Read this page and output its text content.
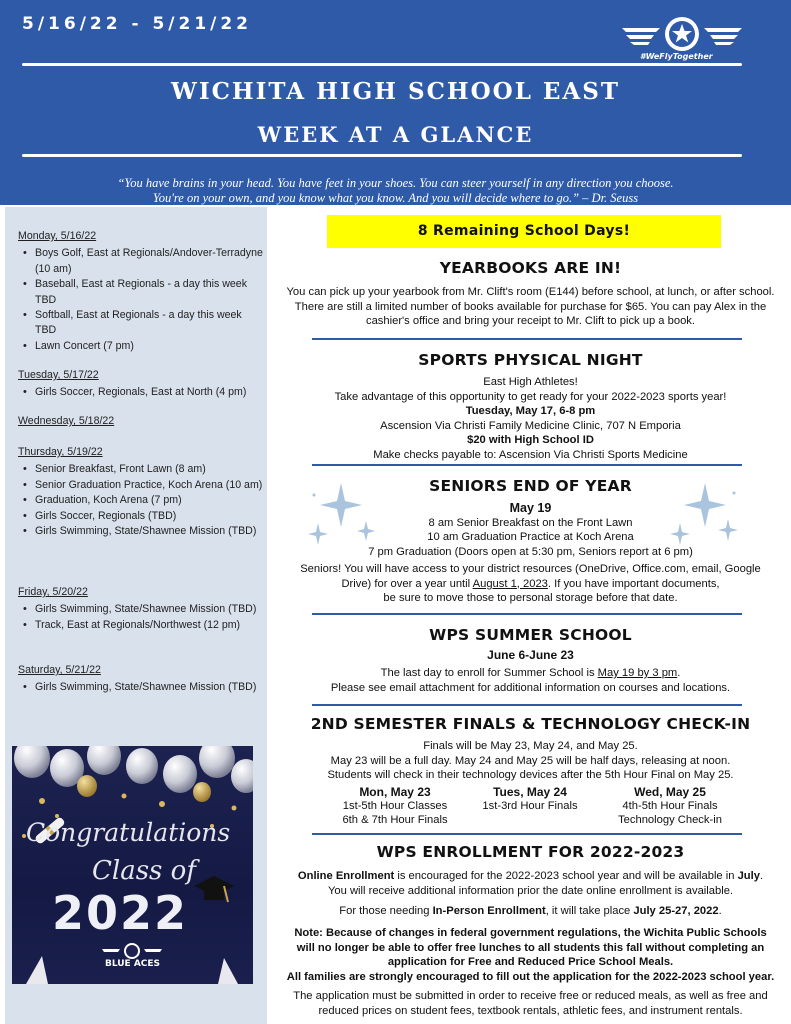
5/16/22 - 5/21/22
#WeFlyTogether
WICHITA HIGH SCHOOL EAST
WEEK AT A GLANCE
“You have brains in your head. You have feet in your shoes. You can steer yourself in any direction you choose.
You're on your own, and you know what you know. And you will decide where to go.” – Dr. Seuss
Monday, 5/16/22
• Boys Golf, East at Regionals/Andover-Terradyne (10 am)
• Baseball, East at Regionals - a day this week TBD
• Softball, East at Regionals - a day this week TBD
• Lawn Concert (7 pm)
Tuesday, 5/17/22
• Girls Soccer, Regionals, East at North (4 pm)
Wednesday, 5/18/22
Thursday, 5/19/22
• Senior Breakfast, Front Lawn (8 am)
• Senior Graduation Practice, Koch Arena (10 am)
• Graduation, Koch Arena (7 pm)
• Girls Soccer, Regionals (TBD)
• Girls Swimming, State/Shawnee Mission (TBD)
Friday, 5/20/22
• Girls Swimming, State/Shawnee Mission (TBD)
• Track, East at Regionals/Northwest (12 pm)
Saturday, 5/21/22
• Girls Swimming, State/Shawnee Mission (TBD)
Congratulations
Class of
2022
BLUE ACES
8 Remaining School Days!
YEARBOOKS ARE IN!
You can pick up your yearbook from Mr. Clift's room (E144) before school, at lunch, or after school.
There are still a limited number of books available for purchase for $65. You can pay Alex in the
cashier's office and bring your receipt to Mr. Clift to pick up a book.
SPORTS PHYSICAL NIGHT
East High Athletes!
Take advantage of this opportunity to get ready for your 2022-2023 sports year!
Tuesday, May 17, 6-8 pm
Ascension Via Christi Family Medicine Clinic, 707 N Emporia
$20 with High School ID
Make checks payable to: Ascension Via Christi Sports Medicine
SENIORS END OF YEAR
May 19
8 am Senior Breakfast on the Front Lawn
10 am Graduation Practice at Koch Arena
7 pm Graduation (Doors open at 5:30 pm, Seniors report at 6 pm)
Seniors! You will have access to your district resources (OneDrive, Office.com, email, Google
Drive) for over a year until August 1, 2023. If you have important documents,
be sure to move those to personal storage before that date.
WPS SUMMER SCHOOL
June 6-June 23
The last day to enroll for Summer School is May 19 by 3 pm.
Please see email attachment for additional information on courses and locations.
2ND SEMESTER FINALS & TECHNOLOGY CHECK-IN
Finals will be May 23, May 24, and May 25.
May 23 will be a full day. May 24 and May 25 will be half days, releasing at noon.
Students will check in their technology devices after the 5th Hour Final on May 25.
Mon, May 23
1st-5th Hour Classes
6th & 7th Hour Finals
Tues, May 24
1st-3rd Hour Finals
Wed, May 25
4th-5th Hour Finals
Technology Check-in
WPS ENROLLMENT FOR 2022-2023
Online Enrollment is encouraged for the 2022-2023 school year and will be available in July.
You will receive additional information prior the date online enrollment is available.
For those needing In-Person Enrollment, it will take place July 25-27, 2022.
Note: Because of changes in federal government regulations, the Wichita Public Schools
will no longer be able to offer free lunches to all students this fall without completing an
application for Free and Reduced Price School Meals.
All families are strongly encouraged to fill out the application for the 2022-2023 school year.
The application must be submitted in order to receive free or reduced meals, as well as free and
reduced prices on student fees, textbook rentals, athletic fees, and instrument rentals.
